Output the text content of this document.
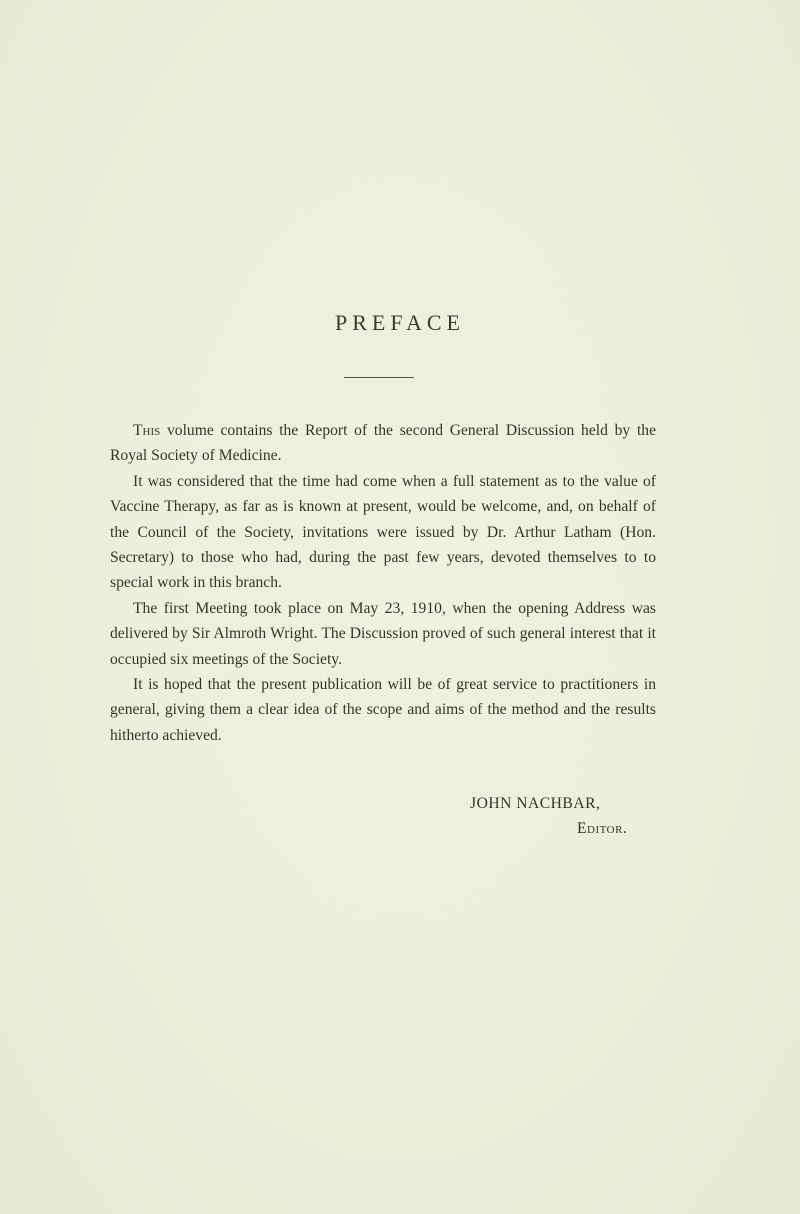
PREFACE

This volume contains the Report of the second General Discussion held by the Royal Society of Medicine.

It was considered that the time had come when a full statement as to the value of Vaccine Therapy, as far as is known at present, would be welcome, and, on behalf of the Council of the Society, invitations were issued by Dr. Arthur Latham (Hon. Secretary) to those who had, during the past few years, devoted themselves to to special work in this branch.

The first Meeting took place on May 23, 1910, when the opening Address was delivered by Sir Almroth Wright. The Discussion proved of such general interest that it occupied six meetings of the Society.

It is hoped that the present publication will be of great service to practitioners in general, giving them a clear idea of the scope and aims of the method and the results hitherto achieved.

JOHN NACHBAR,
Editor.
